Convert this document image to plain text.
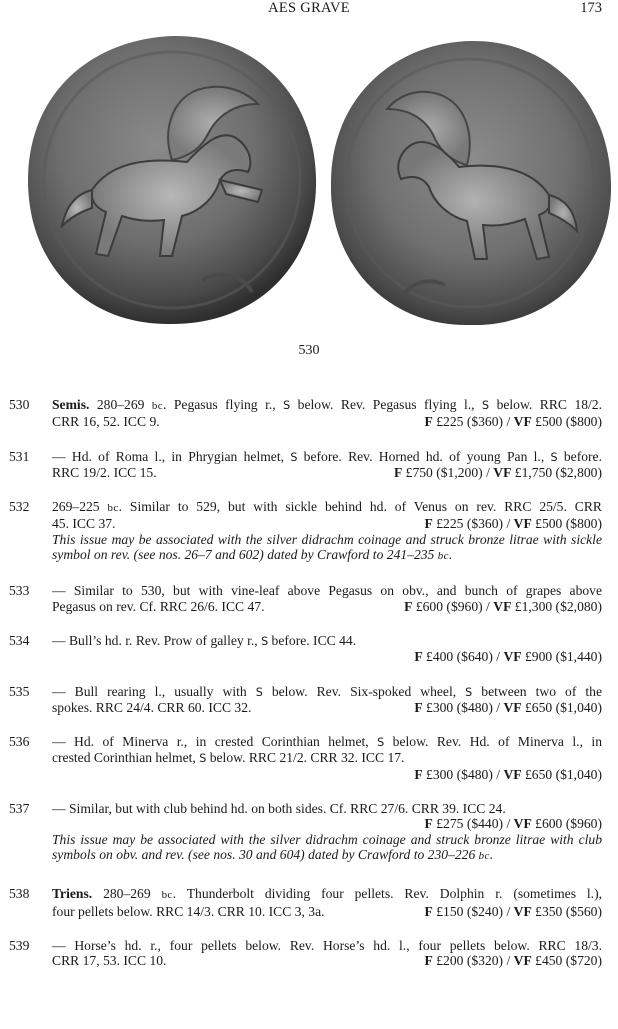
AES GRAVE	173
530
530 Semis. 280–269 bc. Pegasus flying r., S below. Rev. Pegasus flying l., S below. RRC 18/2.
CRR 16, 52. ICC 9.	F £225 ($360) / VF £500 ($800)
531 — Hd. of Roma l., in Phrygian helmet, S before. Rev. Horned hd. of young Pan l., S before.
RRC 19/2. ICC 15.	F £750 ($1,200) / VF £1,750 ($2,800)
532 269–225 bc. Similar to 529, but with sickle behind hd. of Venus on rev. RRC 25/5. CRR
45. ICC 37.	F £225 ($360) / VF £500 ($800)
This issue may be associated with the silver didrachm coinage and struck bronze litrae with sickle symbol on rev. (see nos. 26–7 and 602) dated by Crawford to 241–235 bc.
533 — Similar to 530, but with vine-leaf above Pegasus on obv., and bunch of grapes above
Pegasus on rev. Cf. RRC 26/6. ICC 47.	F £600 ($960) / VF £1,300 ($2,080)
534 — Bull’s hd. r. Rev. Prow of galley r., S before. ICC 44.
F £400 ($640) / VF £900 ($1,440)
535 — Bull rearing l., usually with S below. Rev. Six-spoked wheel, S between two of the
spokes. RRC 24/4. CRR 60. ICC 32.	F £300 ($480) / VF £650 ($1,040)
536 — Hd. of Minerva r., in crested Corinthian helmet, S below. Rev. Hd. of Minerva l., in
crested Corinthian helmet, S below. RRC 21/2. CRR 32. ICC 17.
F £300 ($480) / VF £650 ($1,040)
537 — Similar, but with club behind hd. on both sides. Cf. RRC 27/6. CRR 39. ICC 24.
F £275 ($440) / VF £600 ($960)
This issue may be associated with the silver didrachm coinage and struck bronze litrae with club symbols on obv. and rev. (see nos. 30 and 604) dated by Crawford to 230–226 bc.
538 Triens. 280–269 bc. Thunderbolt dividing four pellets. Rev. Dolphin r. (sometimes l.),
four pellets below. RRC 14/3. CRR 10. ICC 3, 3a.	F £150 ($240) / VF £350 ($560)
539 — Horse’s hd. r., four pellets below. Rev. Horse’s hd. l., four pellets below. RRC 18/3.
CRR 17, 53. ICC 10.	F £200 ($320) / VF £450 ($720)
